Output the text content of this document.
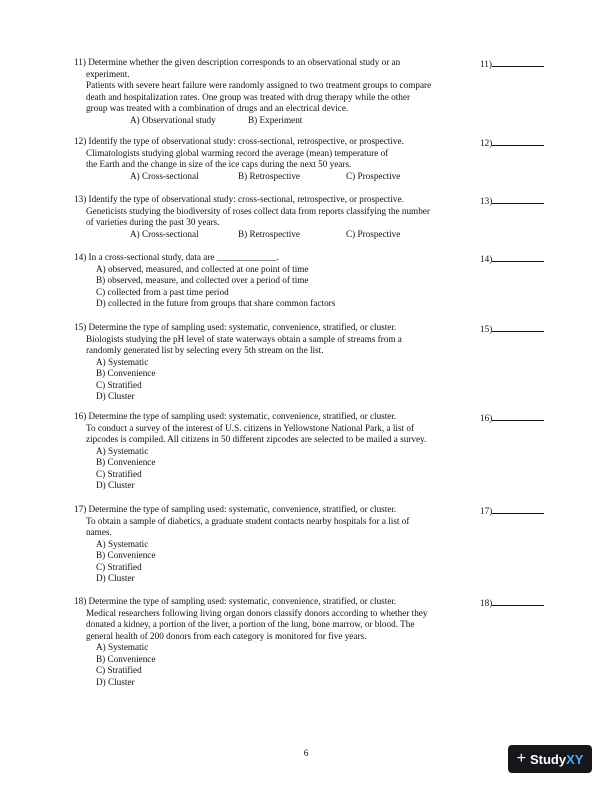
11) Determine whether the given description corresponds to an observational study or an
experiment.
Patients with severe heart failure were randomly assigned to two treatment groups to compare
death and hospitalization rates. One group was treated with drug therapy while the other
group was treated with a combination of drugs and an electrical device.
A) Observational study	B) Experiment
11)
12) Identify the type of observational study: cross-sectional, retrospective, or prospective.
Climatologists studying global warming record the average (mean) temperature of
the Earth and the change in size of the ice caps during the next 50 years.
A) Cross-sectional	B) Retrospective	C) Prospective
12)
13) Identify the type of observational study: cross-sectional, retrospective, or prospective.
Geneticists studying the biodiversity of roses collect data from reports classifying the number
of varieties during the past 30 years.
A) Cross-sectional	B) Retrospective	C) Prospective
13)
14) In a cross-sectional study, data are _____________.
A) observed, measured, and collected at one point of time
B) observed, measure, and collected over a period of time
C) collected from a past time period
D) collected in the future from groups that share common factors
14)
15) Determine the type of sampling used: systematic, convenience, stratified, or cluster.
Biologists studying the pH level of state waterways obtain a sample of streams from a
randomly generated list by selecting every 5th stream on the list.
A) Systematic
B) Convenience
C) Stratified
D) Cluster
15)
16) Determine the type of sampling used: systematic, convenience, stratified, or cluster.
To conduct a survey of the interest of U.S. citizens in Yellowstone National Park, a list of
zipcodes is compiled. All citizens in 50 different zipcodes are selected to be mailed a survey.
A) Systematic
B) Convenience
C) Stratified
D) Cluster
16)
17) Determine the type of sampling used: systematic, convenience, stratified, or cluster.
To obtain a sample of diabetics, a graduate student contacts nearby hospitals for a list of
names.
A) Systematic
B) Convenience
C) Stratified
D) Cluster
17)
18) Determine the type of sampling used: systematic, convenience, stratified, or cluster.
Medical researchers following living organ donors classify donors according to whether they
donated a kidney, a portion of the liver, a portion of the lung, bone marrow, or blood. The
general health of 200 donors from each category is monitored for five years.
A) Systematic
B) Convenience
C) Stratified
D) Cluster
18)
6	+ Study XY
